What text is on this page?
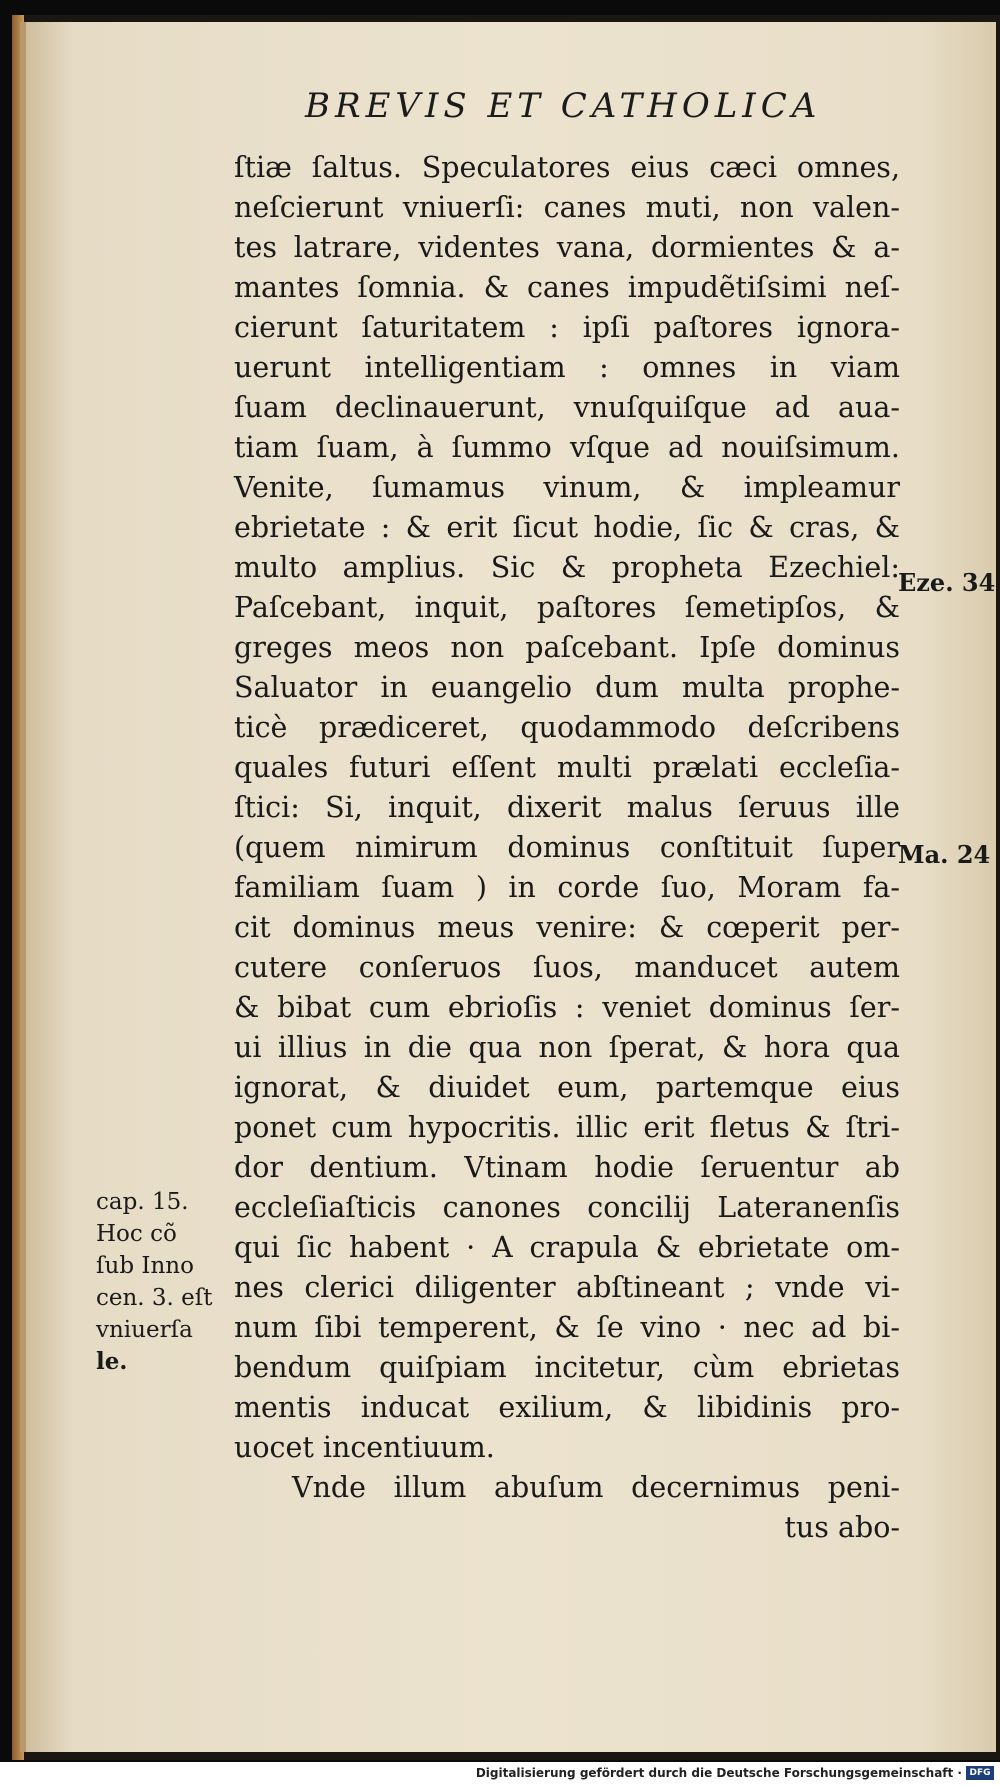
BREVIS ET CATHOLICA
ſtiæ ſaltus. Speculatores eius cæci omnes,
neſcierunt vniuerſi: canes muti, non valen-
tes latrare, videntes vana, dormientes & a-
mantes ſomnia. & canes impudẽtiſsimi neſ-
cierunt ſaturitatem : ipſi paſtores ignora-
uerunt intelligentiam : omnes in viam
ſuam declinauerunt, vnuſquiſque ad aua-
tiam ſuam, à ſummo vſque ad nouiſsimum.
Venite, ſumamus vinum, & impleamur
ebrietate : & erit ſicut hodie, ſic & cras, &
multo amplius. Sic & propheta Ezechiel:
Paſcebant, inquit, paſtores ſemetipſos, &
greges meos non paſcebant. Ipſe dominus
Saluator in euangelio dum multa prophe-
ticè prædiceret, quodammodo deſcribens
quales futuri eſſent multi prælati eccleſia-
ſtici: Si, inquit, dixerit malus ſeruus ille
(quem nimirum dominus conſtituit ſuper
familiam ſuam ) in corde ſuo, Moram fa-
cit dominus meus venire: & cœperit per-
cutere conſeruos ſuos, manducet autem
& bibat cum ebrioſis : veniet dominus ſer-
ui illius in die qua non ſperat, & hora qua
ignorat, & diuidet eum, partemque eius
ponet cum hypocritis. illic erit fletus & ſtri-
dor dentium. Vtinam hodie ſeruentur ab
eccleſiaſticis canones concilij Lateranenſis
qui ſic habent · A crapula & ebrietate om-
nes clerici diligenter abſtineant ; vnde vi-
num ſibi temperent, & ſe vino · nec ad bi-
bendum quiſpiam incitetur, cùm ebrietas
mentis inducat exilium, & libidinis pro-
uocet incentiuum.
Vnde illum abuſum decernimus peni-
tus abo-
Eze. 34
Ma. 24
cap. 15.
Hoc cõ
ſub Inno
cen. 3. eſt
vniuerſa
le.
Digitalisierung gefördert durch die Deutsche Forschungsgemeinschaft · DFG
